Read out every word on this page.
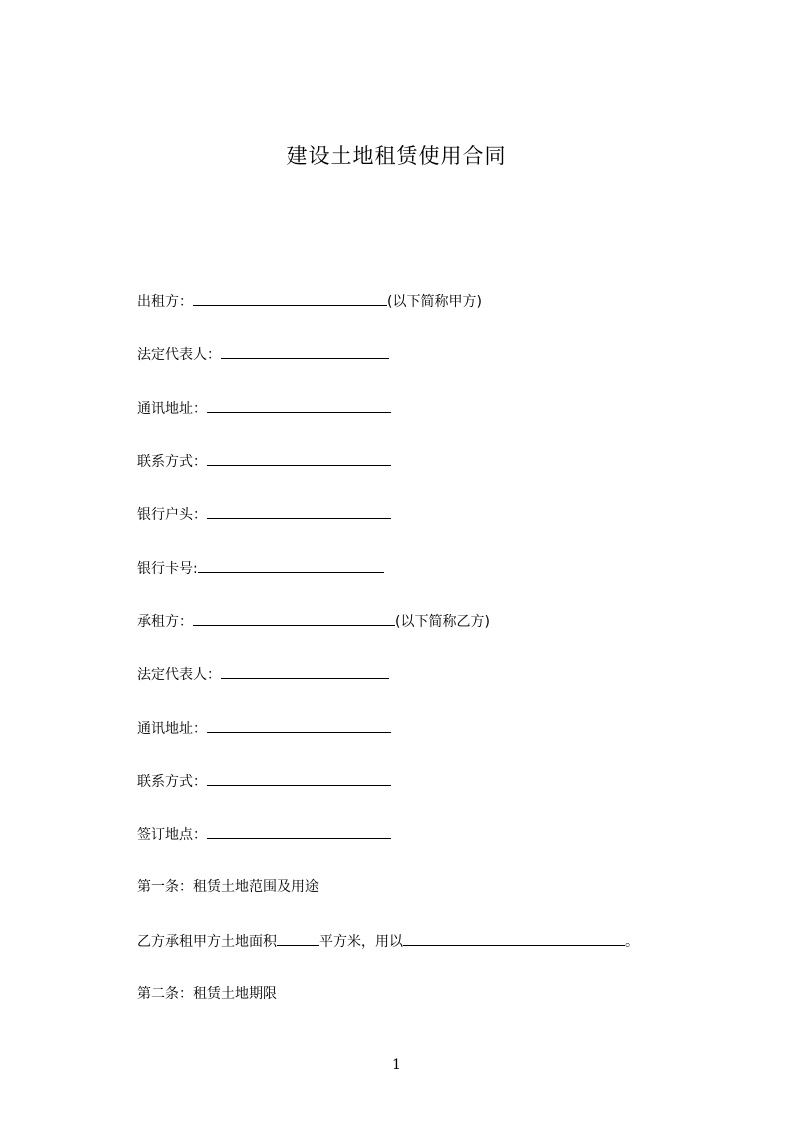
建设土地租赁使用合同
出租方：	(以下简称甲方)
法定代表人：
通讯地址：
联系方式：
银行户头：
银行卡号:
承租方：	(以下简称乙方)
法定代表人：
通讯地址：
联系方式：
签订地点：
第一条：租赁土地范围及用途
乙方承租甲方土地面积	平方米，用以	。
第二条：租赁土地期限
1
